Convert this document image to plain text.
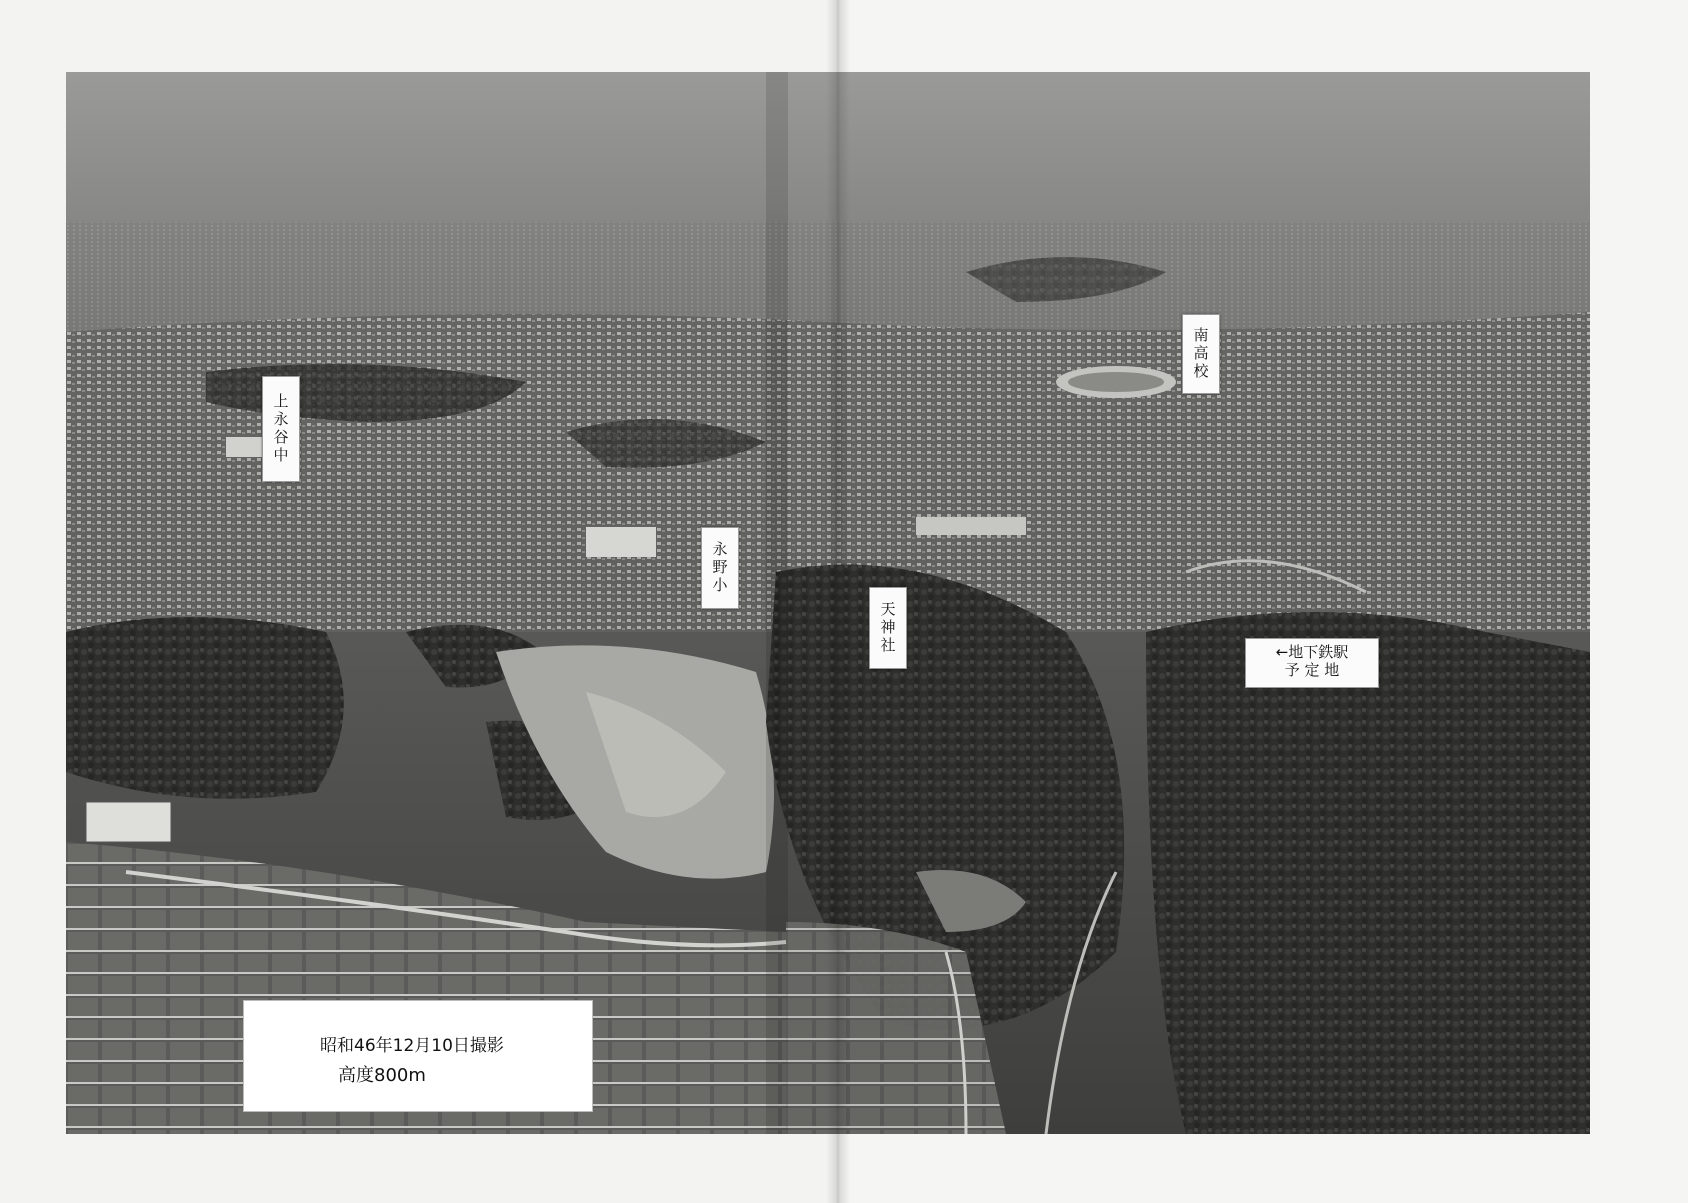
上永谷中
永野小
天神社
南高校
←地下鉄駅
予 定 地
昭和46年12月10日撮影
高度800m
